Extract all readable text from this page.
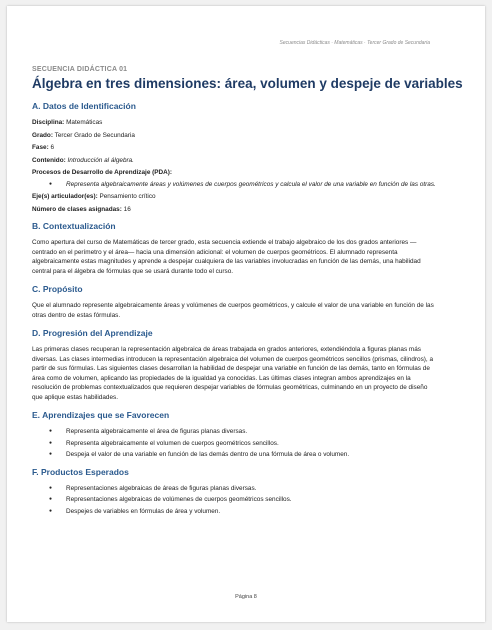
Secuencias Didácticas · Matemáticas · Tercer Grado de Secundaria
SECUENCIA DIDÁCTICA 01
Álgebra en tres dimensiones: área, volumen y despeje de variables
A. Datos de Identificación
Disciplina: Matemáticas
Grado: Tercer Grado de Secundaria
Fase: 6
Contenido: Introducción al álgebra.
Procesos de Desarrollo de Aprendizaje (PDA):
● Representa algebraicamente áreas y volúmenes de cuerpos geométricos y calcula el valor de una variable en función de las otras.
Eje(s) articulador(es): Pensamiento crítico
Número de clases asignadas: 16
B. Contextualización

Como apertura del curso de Matemáticas de tercer grado, esta secuencia extiende el trabajo algebraico de los dos grados anteriores —centrado en el perímetro y el área— hacia una dimensión adicional: el volumen de cuerpos geométricos. El alumnado representa algebraicamente estas magnitudes y aprende a despejar cualquiera de las variables involucradas en función de las demás, una habilidad central para el álgebra de fórmulas que se usará durante todo el curso.

C. Propósito

Que el alumnado represente algebraicamente áreas y volúmenes de cuerpos geométricos, y calcule el valor de una variable en función de las otras dentro de estas fórmulas.

D. Progresión del Aprendizaje

Las primeras clases recuperan la representación algebraica de áreas trabajada en grados anteriores, extendiéndola a figuras planas más diversas. Las clases intermedias introducen la representación algebraica del volumen de cuerpos geométricos sencillos (prismas, cilindros), a partir de sus fórmulas. Las siguientes clases desarrollan la habilidad de despejar una variable en función de las demás, tanto en fórmulas de área como de volumen, aplicando las propiedades de la igualdad ya conocidas. Las últimas clases integran ambos aprendizajes en la resolución de problemas contextualizados que requieren despejar variables de fórmulas geométricas, culminando en un proyecto de diseño que aplique estas habilidades.

E. Aprendizajes que se Favorecen
● Representa algebraicamente el área de figuras planas diversas.
● Representa algebraicamente el volumen de cuerpos geométricos sencillos.
● Despeja el valor de una variable en función de las demás dentro de una fórmula de área o volumen.
F. Productos Esperados
● Representaciones algebraicas de áreas de figuras planas diversas.
● Representaciones algebraicas de volúmenes de cuerpos geométricos sencillos.
● Despejes de variables en fórmulas de área y volumen.
Página 8
